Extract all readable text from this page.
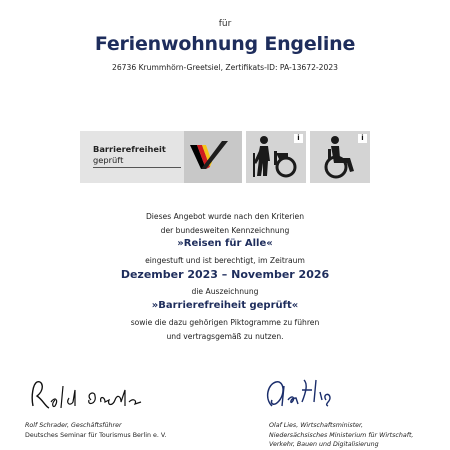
für
Ferienwohnung Engeline
26736 Krummhörn-Greetsiel, Zertifikats-ID: PA-13672-2023
Barrierefreiheit
geprüft
i	i
Dieses Angebot wurde nach den Kriterien
der bundesweiten Kennzeichnung
»Reisen für Alle«
eingestuft und ist berechtigt, im Zeitraum
Dezember 2023 – November 2026
die Auszeichnung
»Barrierefreiheit geprüft«
sowie die dazu gehörigen Piktogramme zu führen
und vertragsgemäß zu nutzen.
Rolf Schrader, Geschäftsführer
Deutsches Seminar für Tourismus Berlin e. V.
Olaf Lies, Wirtschaftsminister,
Niedersächsisches Ministerium für Wirtschaft,
Verkehr, Bauen und Digitalisierung
